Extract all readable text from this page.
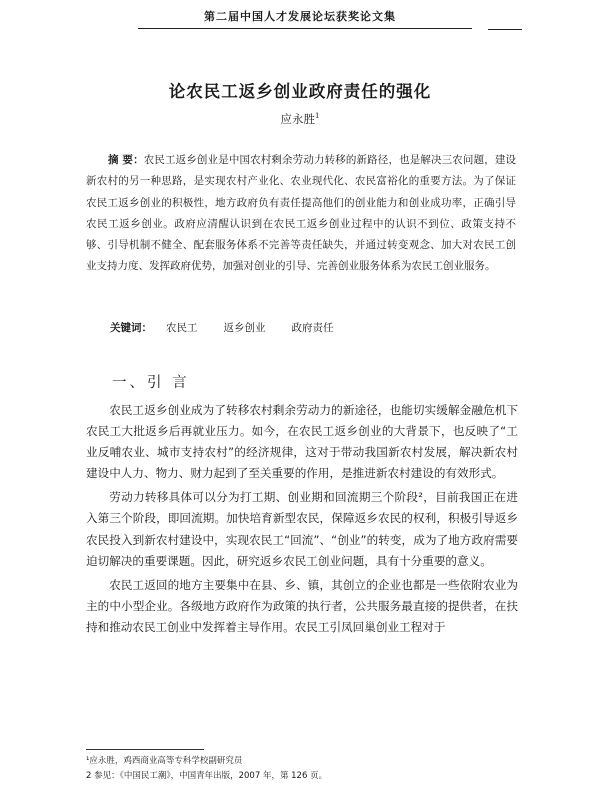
第二届中国人才发展论坛获奖论文集
论农民工返乡创业政府责任的强化
应永胜$^1$
摘 要：农民工返乡创业是中国农村剩余劳动力转移的新路径，也是解决三农问题，建设新农村的另一种思路，是实现农村产业化、农业现代化、农民富裕化的重要方法。为了保证农民工返乡创业的积极性，地方政府负有责任提高他们的创业能力和创业成功率，正确引导农民工返乡创业。政府应清醒认识到在农民工返乡创业过程中的认识不到位、政策支持不够、引导机制不健全、配套服务体系不完善等责任缺失，并通过转变观念、加大对农民工创业支持力度、发挥政府优势，加强对创业的引导、完善创业服务体系为农民工创业服务。
关键词： 农民工 返乡创业 政府责任
一、引 言

农民工返乡创业成为了转移农村剩余劳动力的新途径，也能切实缓解金融危机下农民工大批返乡后再就业压力。如今，在农民工返乡创业的大背景下，也反映了“工业反哺农业、城市支持农村”的经济规律，这对于带动我国新农村发展，解决新农村建设中人力、物力、财力起到了至关重要的作用，是推进新农村建设的有效形式。

劳动力转移具体可以分为打工期、创业期和回流期三个阶段²，目前我国正在进入第三个阶段，即回流期。加快培育新型农民，保障返乡农民的权利，积极引导返乡农民投入到新农村建设中，实现农民工“回流”、“创业”的转变，成为了地方政府需要迫切解决的重要课题。因此，研究返乡农民工创业问题，具有十分重要的意义。

农民工返回的地方主要集中在县、乡、镇，其创立的企业也都是一些依附农业为主的中小型企业。各级地方政府作为政策的执行者，公共服务最直接的提供者，在扶持和推动农民工创业中发挥着主导作用。农民工引凤回巢创业工程对于

¹应永胜，鸡西商业高等专科学校副研究员
2 参见：《中国民工潮》，中国青年出版，2007 年，第 126 页。
